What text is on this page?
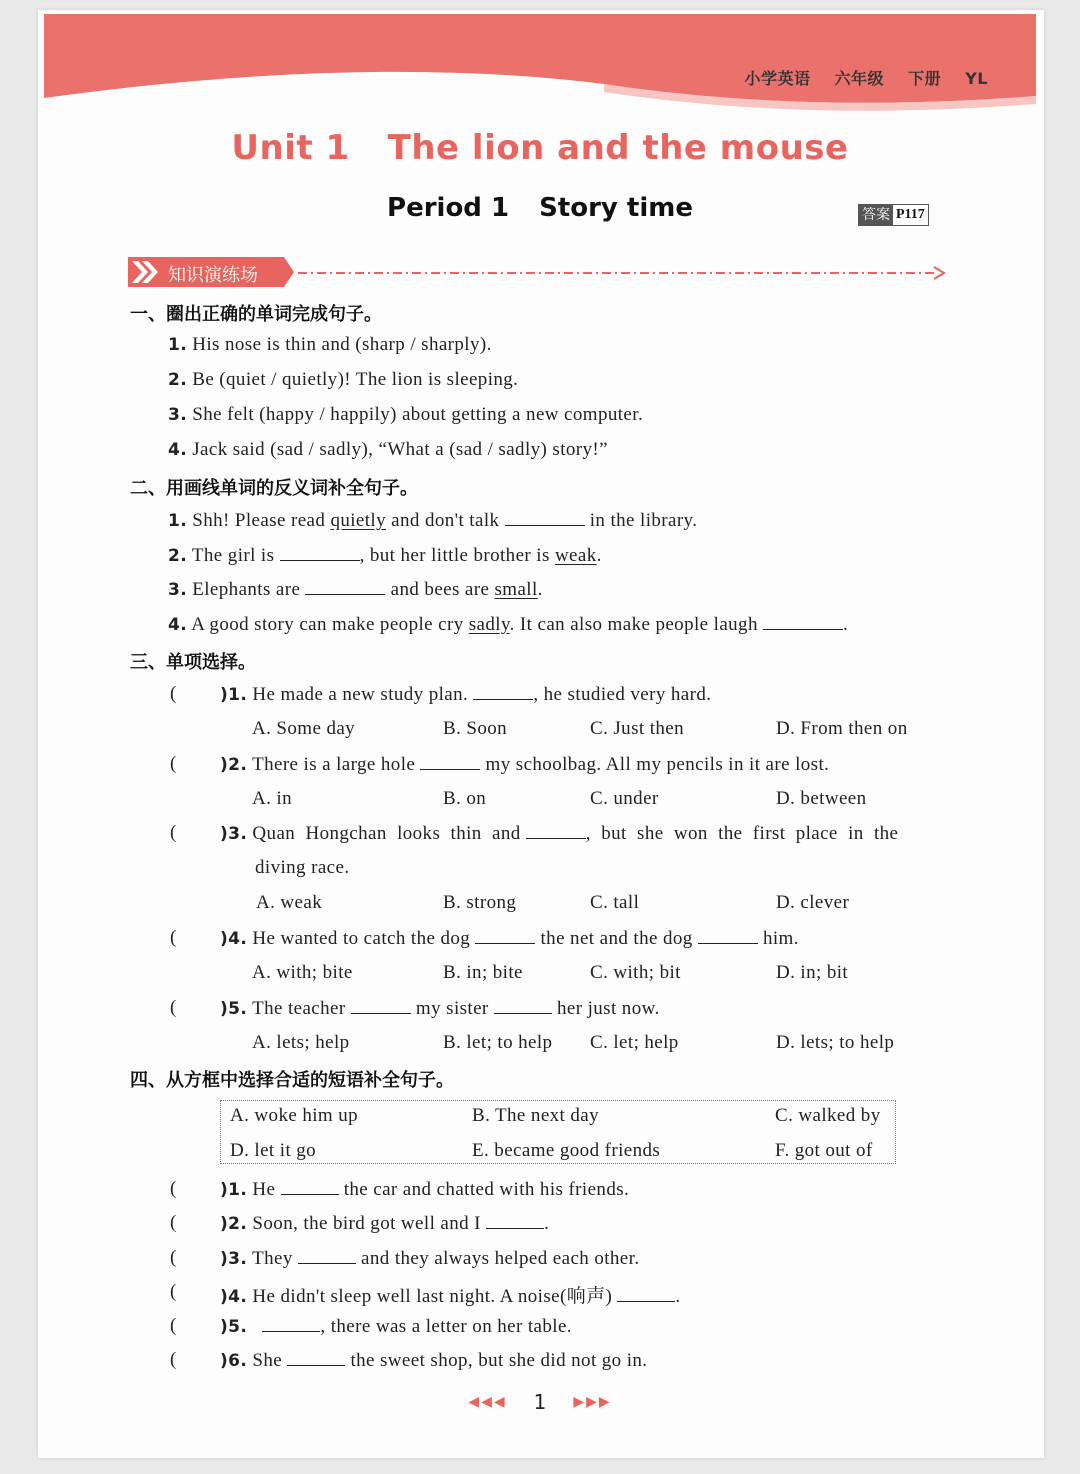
小学英语 六年级 下册 YL
Unit 1 The lion and the mouse
Period 1 Story time	答案 P117
知识演练场
一、圈出正确的单词完成句子。
1. His nose is thin and (sharp / sharply).
2. Be (quiet / quietly)! The lion is sleeping.
3. She felt (happy / happily) about getting a new computer.
4. Jack said (sad / sadly), “What a (sad / sadly) story!”
二、用画线单词的反义词补全句子。
1. Shh! Please read quietly and don't talk	in the library.
2. The girl is	, but her little brother is weak.
3. Elephants are	and bees are small.
4. A good story can make people cry sadly. It can also make people laugh	.
三、单项选择。
(	)1. He made a new study plan.	, he studied very hard.
A. Some day	B. Soon	C. Just then	D. From then on
(	)2. There is a large hole	my schoolbag. All my pencils in it are lost.
A. in	B. on	C. under	D. between
(	)3. Quan  Hongchan  looks  thin  and	,  but  she  won  the  first  place  in  the
diving race.
A. weak	B. strong	C. tall	D. clever
(	)4. He wanted to catch the dog	the net and the dog	him.
A. with; bite	B. in; bite	C. with; bit	D. in; bit
(	)5. The teacher	my sister	her just now.
A. lets; help	B. let; to help C. let; help	D. lets; to help
四、从方框中选择合适的短语补全句子。
A. woke him up	B. The next day	C. walked by
D. let it go	E. became good friends	F. got out of
(	)1. He	the car and chatted with his friends.
(	)2. Soon, the bird got well and I	.
(	)3. They	and they always helped each other.
(	)4. He didn't sleep well last night. A noise(响声)	.
(	)5.	, there was a letter on her table.
(	)6. She	the sweet shop, but she did not go in.
◀◀◀ 1 ▶▶▶
